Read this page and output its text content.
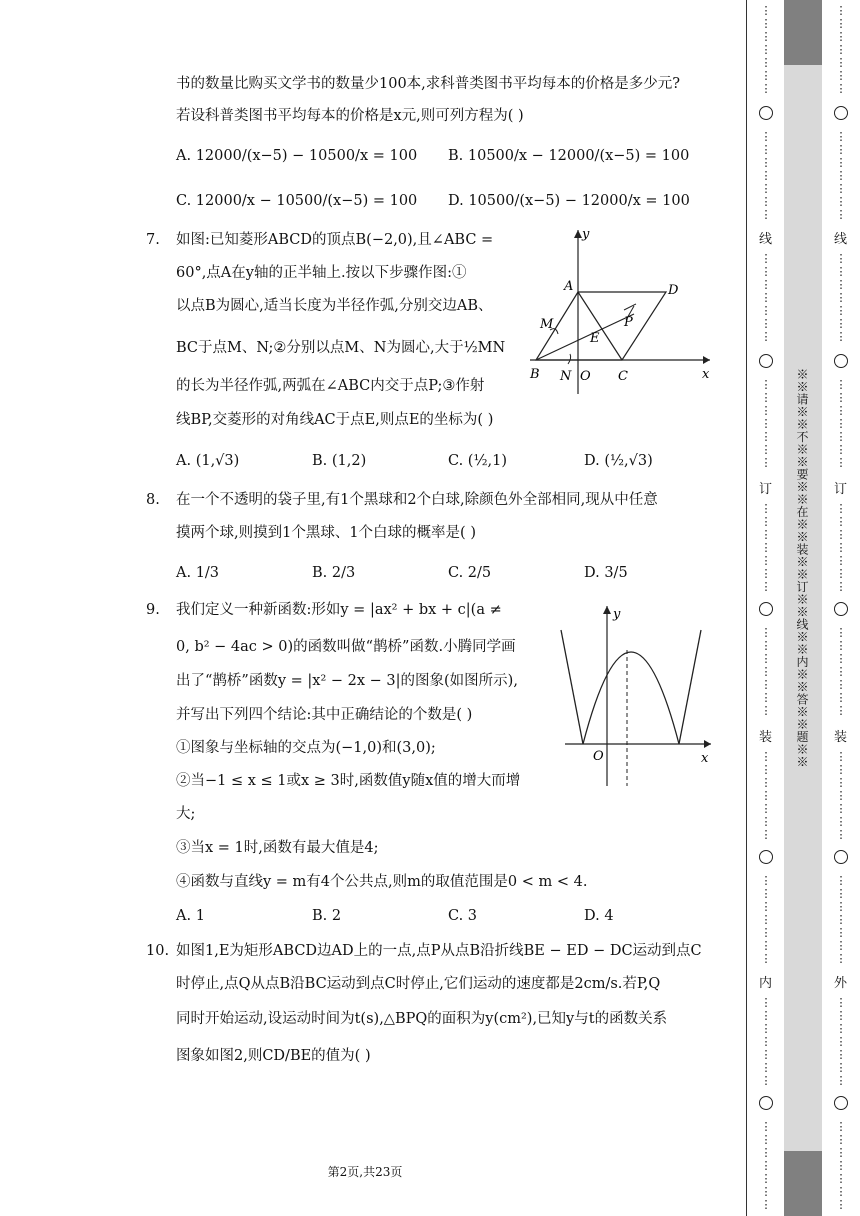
书的数量比购买文学书的数量少100本,求科普类图书平均每本的价格是多少元?
若设科普类图书平均每本的价格是x元,则可列方程为( )
A. 12000/(x−5) − 10500/x = 100 B. 10500/x − 12000/(x−5) = 100
C. 12000/x − 10500/(x−5) = 100 D. 10500/(x−5) − 12000/x = 100
7. 如图:已知菱形ABCD的顶点B(−2,0),且∠ABC =
60°,点A在y轴的正半轴上.按以下步骤作图:①
以点B为圆心,适当长度为半径作弧,分别交边AB、
BC于点M、N;②分别以点M、N为圆心,大于½MN
的长为半径作弧,两弧在∠ABC内交于点P;③作射
线BP,交菱形的对角线AC于点E,则点E的坐标为( )
y
x
A	D
M	P
E
B N O C
A. (1,√3)	B. (1,2)	C. (½,1)	D. (½,√3)
8. 在一个不透明的袋子里,有1个黑球和2个白球,除颜色外全部相同,现从中任意
摸两个球,则摸到1个黑球、1个白球的概率是( )
A. 1/3	B. 2/3	C. 2/5	D. 3/5
9. 我们定义一种新函数:形如y = |ax² + bx + c|(a ≠
0, b² − 4ac > 0)的函数叫做“鹊桥”函数.小腾同学画
出了“鹊桥”函数y = |x² − 2x − 3|的图象(如图所示),
并写出下列四个结论:其中正确结论的个数是( )
①图象与坐标轴的交点为(−1,0)和(3,0);
②当−1 ≤ x ≤ 1或x ≥ 3时,函数值y随x值的增大而增
大;
③当x = 1时,函数有最大值是4;
④函数与直线y = m有4个公共点,则m的取值范围是0 < m < 4.
y
x
O
A. 1	B. 2	C. 3	D. 4
10. 如图1,E为矩形ABCD边AD上的一点,点P从点B沿折线BE − ED − DC运动到点C
时停止,点Q从点B沿BC运动到点C时停止,它们运动的速度都是2cm/s.若P,Q
同时开始运动,设运动时间为t(s),△BPQ的面积为y(cm²),已知y与t的函数关系
图象如图2,则CD/BE的值为( )
第2页,共23页
⋮
⋮
⋮
⋮
⋮
⋮
⋮
⋮
⋮
⋮
⋮
⋮
⋮
⋮
线
⋮
⋮
⋮
⋮
⋮
⋮
⋮
⋮
⋮
⋮
⋮
⋮
⋮
⋮
订
⋮
⋮
⋮
⋮
⋮
⋮
⋮
⋮
⋮
⋮
⋮
⋮
⋮
⋮
装
⋮
⋮
⋮
⋮
⋮
⋮
⋮
⋮
⋮
⋮
⋮
⋮
⋮
⋮
内
⋮
⋮
⋮
⋮
⋮
⋮
⋮
⋮
⋮
⋮
⋮
⋮
⋮
⋮
※※请※※不※※要※※在※※装※※订※※线※※内※※答※※题※※
⋮
⋮
⋮
⋮
⋮
⋮
⋮
⋮
⋮
⋮
⋮
⋮
⋮
⋮
线
⋮
⋮
⋮
⋮
⋮
⋮
⋮
⋮
⋮
⋮
⋮
⋮
⋮
⋮
订
⋮
⋮
⋮
⋮
⋮
⋮
⋮
⋮
⋮
⋮
⋮
⋮
⋮
⋮
装
⋮
⋮
⋮
⋮
⋮
⋮
⋮
⋮
⋮
⋮
⋮
⋮
⋮
⋮
外
⋮
⋮
⋮
⋮
⋮
⋮
⋮
⋮
⋮
⋮
⋮
⋮
⋮
⋮
